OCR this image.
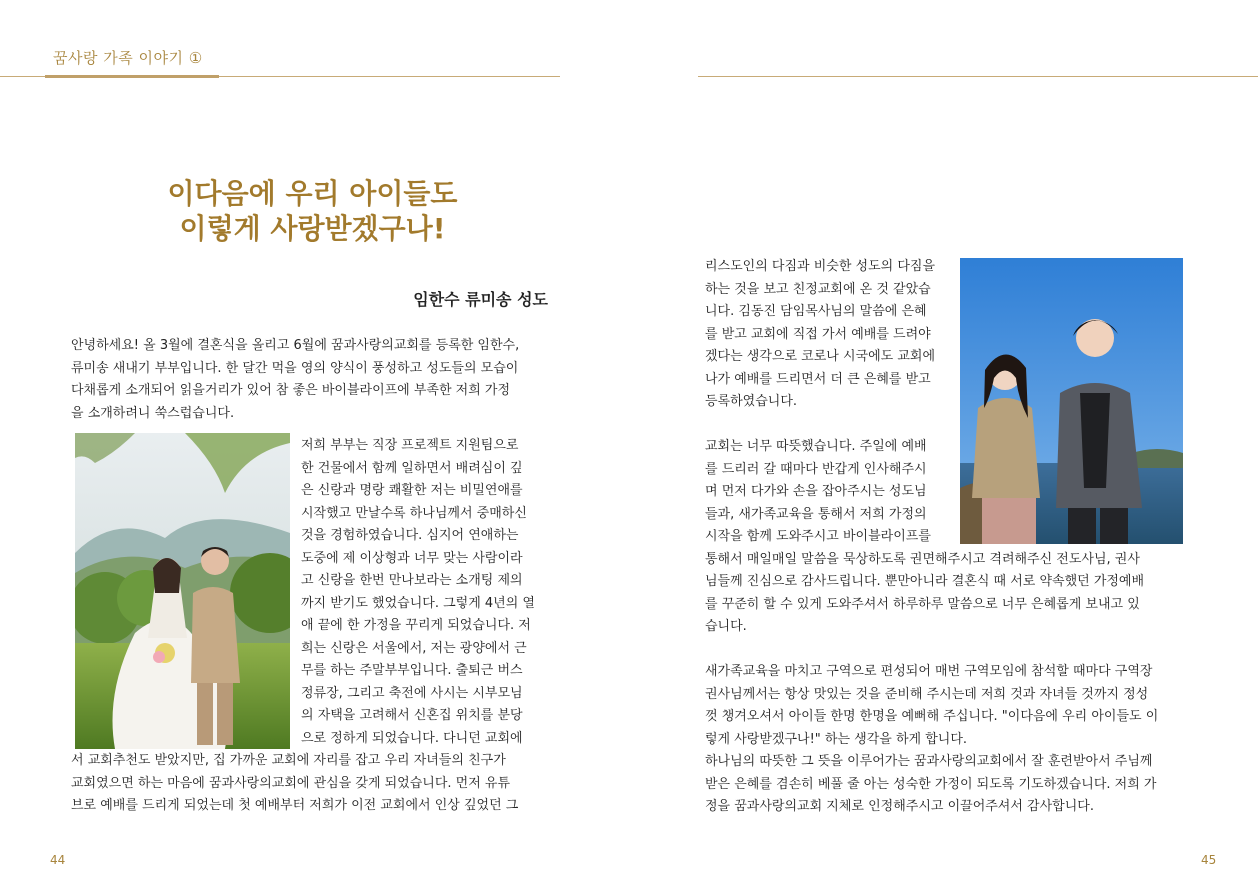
꿈사랑 가족 이야기 ①
이다음에 우리 아이들도
이렇게 사랑받겠구나!
임한수 류미송 성도
안녕하세요! 올 3월에 결혼식을 올리고 6월에 꿈과사랑의교회를 등록한 임한수,
류미송 새내기 부부입니다. 한 달간 먹을 영의 양식이 풍성하고 성도들의 모습이
다채롭게 소개되어 읽을거리가 있어 참 좋은 바이블라이프에 부족한 저희 가정
을 소개하려니 쑥스럽습니다.
저희 부부는 직장 프로젝트 지원팀으로
한 건물에서 함께 일하면서 배려심이 깊
은 신랑과 명랑 쾌활한 저는 비밀연애를
시작했고 만날수록 하나님께서 중매하신
것을 경험하였습니다. 심지어 연애하는
도중에 제 이상형과 너무 맞는 사람이라
고 신랑을 한번 만나보라는 소개팅 제의
까지 받기도 했었습니다. 그렇게 4년의 열
애 끝에 한 가정을 꾸리게 되었습니다. 저
희는 신랑은 서울에서, 저는 광양에서 근
무를 하는 주말부부입니다. 출퇴근 버스
정류장, 그리고 축전에 사시는 시부모님
의 자택을 고려해서 신혼집 위치를 분당
으로 정하게 되었습니다. 다니던 교회에
서 교회추천도 받았지만, 집 가까운 교회에 자리를 잡고 우리 자녀들의 친구가
교회였으면 하는 마음에 꿈과사랑의교회에 관심을 갖게 되었습니다. 먼저 유튜
브로 예배를 드리게 되었는데 첫 예배부터 저희가 이전 교회에서 인상 깊었던 그
리스도인의 다짐과 비슷한 성도의 다짐을
하는 것을 보고 친정교회에 온 것 같았습
니다. 김동진 담임목사님의 말씀에 은혜
를 받고 교회에 직접 가서 예배를 드려야
겠다는 생각으로 코로나 시국에도 교회에
나가 예배를 드리면서 더 큰 은혜를 받고
등록하였습니다.
교회는 너무 따뜻했습니다. 주일에 예배
를 드리러 갈 때마다 반갑게 인사해주시
며 먼저 다가와 손을 잡아주시는 성도님
들과, 새가족교육을 통해서 저희 가정의
시작을 함께 도와주시고 바이블라이프를
통해서 매일매일 말씀을 묵상하도록 권면해주시고 격려해주신 전도사님, 권사
님들께 진심으로 감사드립니다. 뿐만아니라 결혼식 때 서로 약속했던 가정예배
를 꾸준히 할 수 있게 도와주셔서 하루하루 말씀으로 너무 은혜롭게 보내고 있
습니다.
새가족교육을 마치고 구역으로 편성되어 매번 구역모임에 참석할 때마다 구역장
권사님께서는 항상 맛있는 것을 준비해 주시는데 저희 것과 자녀들 것까지 정성
껏 챙겨오셔서 아이들 한명 한명을 예뻐해 주십니다. "이다음에 우리 아이들도 이
렇게 사랑받겠구나!" 하는 생각을 하게 합니다.
하나님의 따뜻한 그 뜻을 이루어가는 꿈과사랑의교회에서 잘 훈련받아서 주님께
받은 은혜를 겸손히 베풀 줄 아는 성숙한 가정이 되도록 기도하겠습니다. 저희 가
정을 꿈과사랑의교회 지체로 인정해주시고 이끌어주셔서 감사합니다.
44	45
